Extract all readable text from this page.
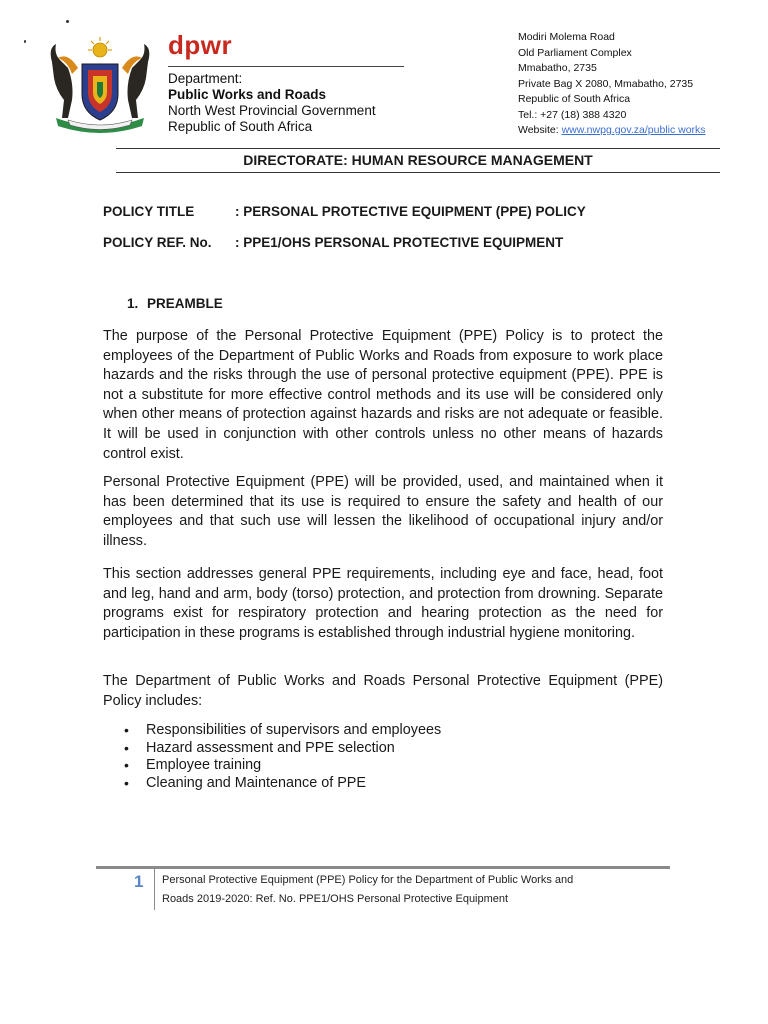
dpwr
Department:
Public Works and Roads
North West Provincial Government
Republic of South Africa
Modiri Molema Road
Old Parliament Complex
Mmabatho, 2735
Private Bag X 2080, Mmabatho, 2735
Republic of South Africa
Tel.: +27 (18) 388 4320
Website: www.nwpg.gov.za/public works
DIRECTORATE: HUMAN RESOURCE MANAGEMENT
POLICY TITLE	: PERSONAL PROTECTIVE EQUIPMENT (PPE) POLICY
POLICY REF. No. : PPE1/OHS PERSONAL PROTECTIVE EQUIPMENT
1. PREAMBLE

The purpose of the Personal Protective Equipment (PPE) Policy is to protect the employees of the Department of Public Works and Roads from exposure to work place hazards and the risks through the use of personal protective equipment (PPE). PPE is not a substitute for more effective control methods and its use will be considered only when other means of protection against hazards and risks are not adequate or feasible. It will be used in conjunction with other controls unless no other means of hazards control exist.

Personal Protective Equipment (PPE) will be provided, used, and maintained when it has been determined that its use is required to ensure the safety and health of our employees and that such use will lessen the likelihood of occupational injury and/or illness.

This section addresses general PPE requirements, including eye and face, head, foot and leg, hand and arm, body (torso) protection, and protection from drowning. Separate programs exist for respiratory protection and hearing protection as the need for participation in these programs is established through industrial hygiene monitoring.

The Department of Public Works and Roads Personal Protective Equipment (PPE) Policy includes:

• Responsibilities of supervisors and employees
• Hazard assessment and PPE selection
• Employee training
• Cleaning and Maintenance of PPE
1 Personal Protective Equipment (PPE) Policy for the Department of Public Works and
Roads 2019-2020: Ref. No. PPE1/OHS Personal Protective Equipment
